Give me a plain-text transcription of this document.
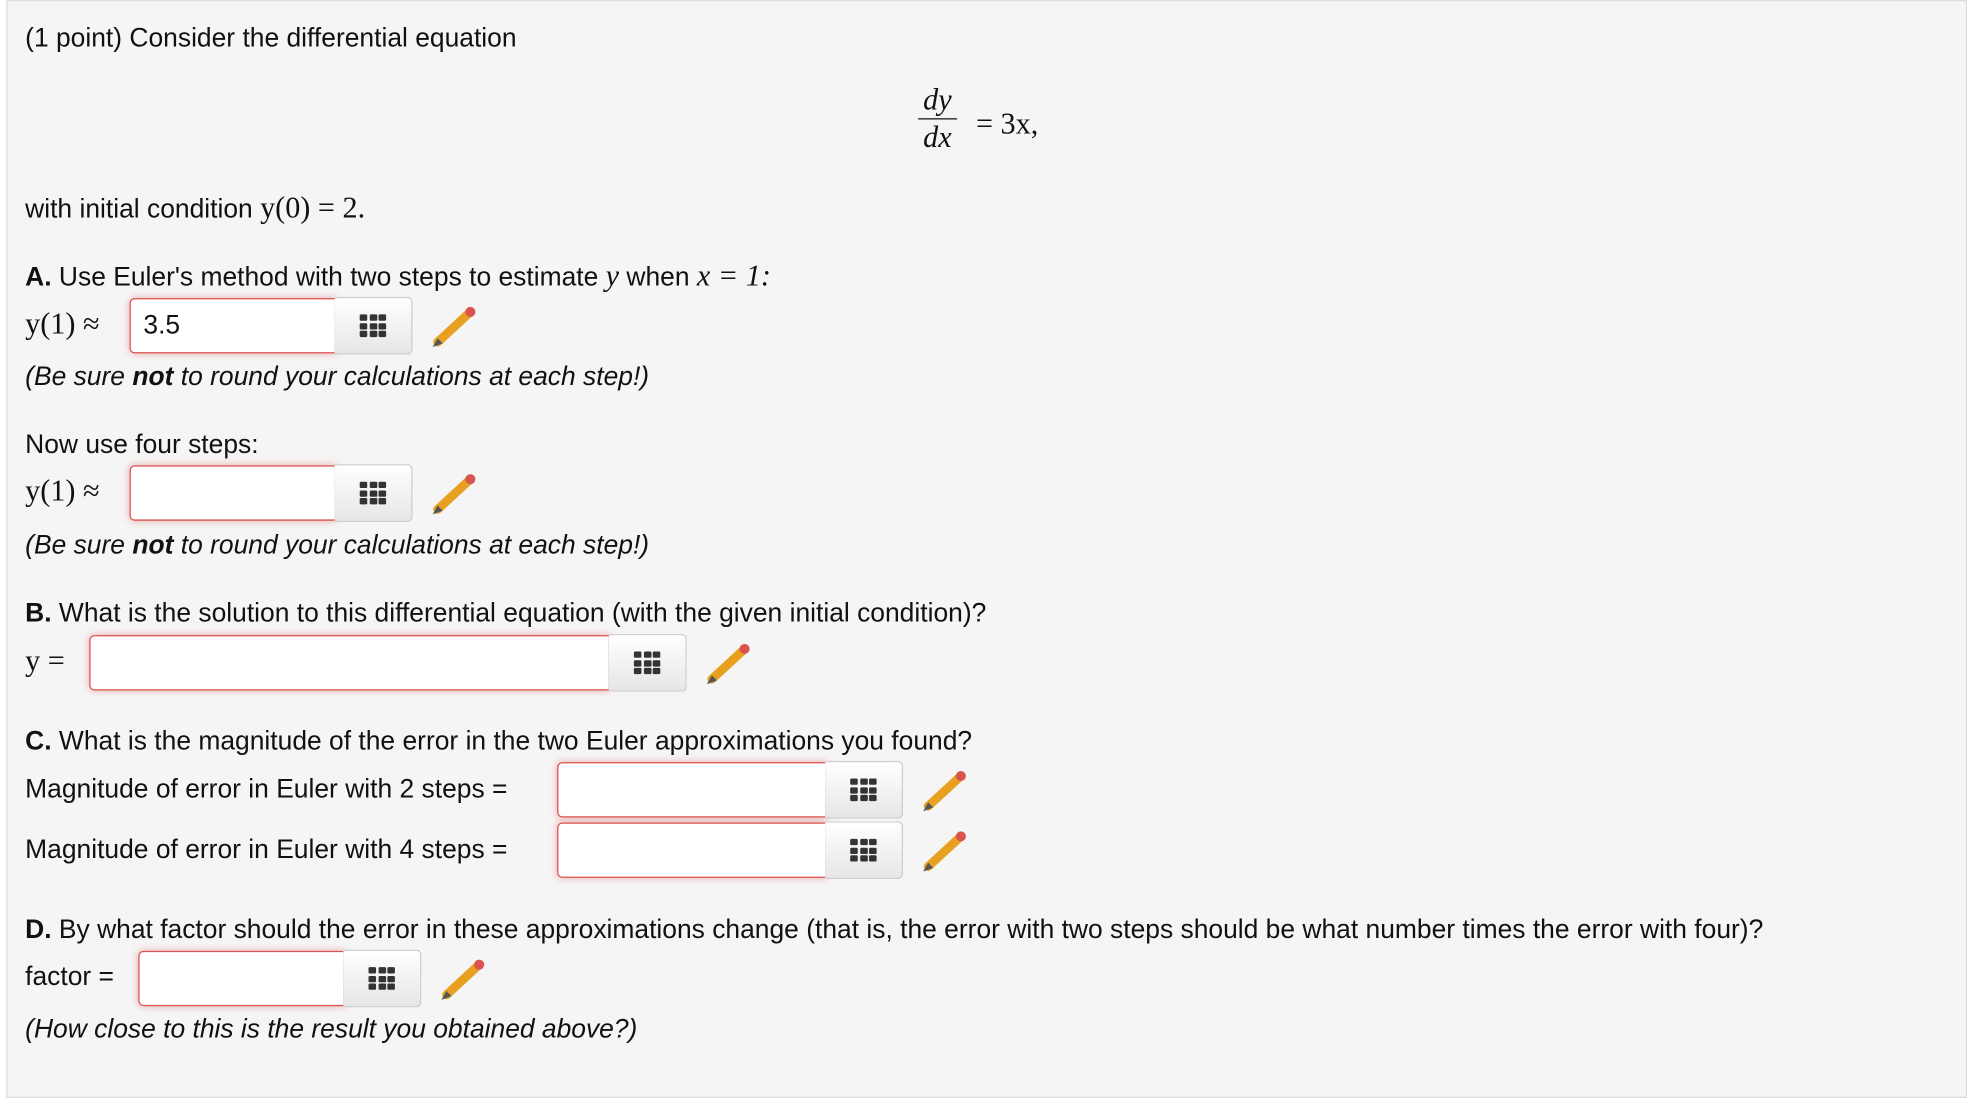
(1 point) Consider the differential equation
$\frac{dy}{dx} = 3x$,
with initial condition y(0) = 2.
A. Use Euler's method with two steps to estimate y when x = 1:
y(1) ≈
3.5
(Be sure not to round your calculations at each step!)
Now use four steps:
y(1) ≈
(Be sure not to round your calculations at each step!)
B. What is the solution to this differential equation (with the given initial condition)?
y =
C. What is the magnitude of the error in the two Euler approximations you found?
Magnitude of error in Euler with 2 steps =
Magnitude of error in Euler with 4 steps =
D. By what factor should the error in these approximations change (that is, the error with two steps should be what number times the error with four)?
factor =
(How close to this is the result you obtained above?)
